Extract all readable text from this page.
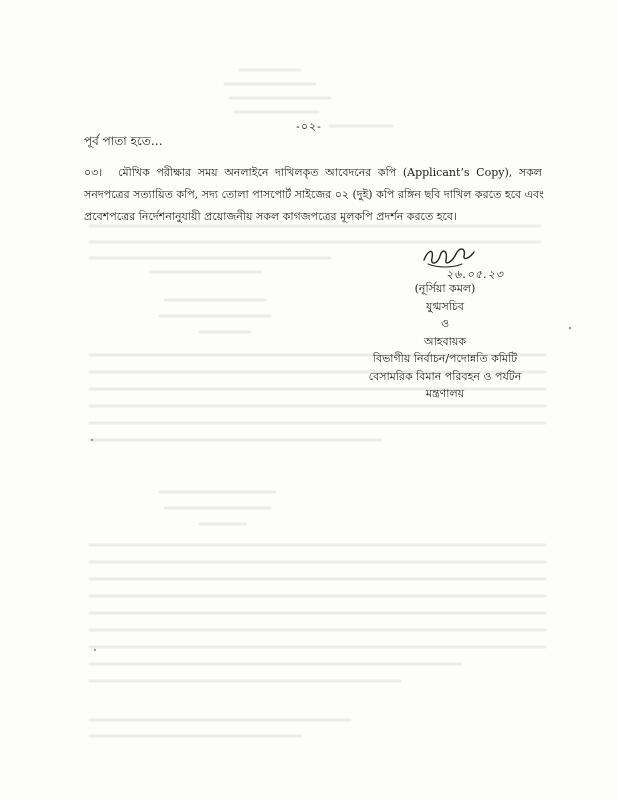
-০২-
পূর্ব পাতা হতে…
০৩। মৌখিক পরীক্ষার সময় অনলাইনে দাখিলকৃত আবেদনের কপি (Applicant’s Copy), সকল
সনদপত্রের সত্যায়িত কপি, সদ্য তোলা পাসপোর্ট সাইজের ০২ (দুই) কপি রঙ্গিন ছবি দাখিল করতে হবে এবং
প্রবেশপত্রের নির্দেশনানুযায়ী প্রয়োজনীয় সকল কাগজপত্রের মূলকপি প্রদর্শন করতে হবে।
২৬.০৫.২৩
(নূর্সিয়া কমল)
যুগ্মসচিব
ও
আহবায়ক
বিভাগীয় নির্বাচন/পদোন্নতি কমিটি
বেসামরিক বিমান পরিবহন ও পর্যটন
মন্ত্রণালয়
